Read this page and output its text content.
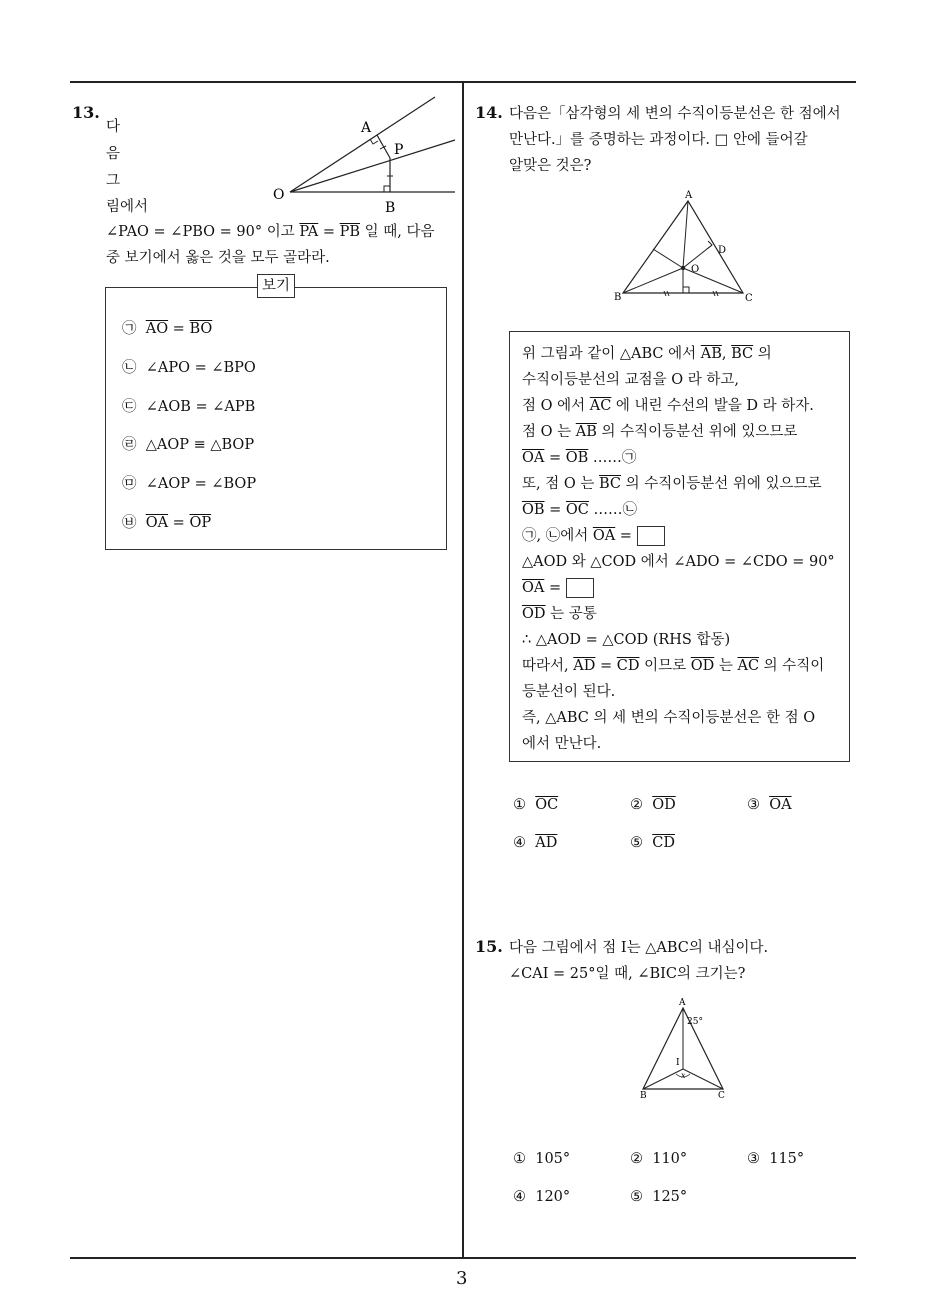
3
13.
다
음
그
림에서
∠PAO = ∠PBO = 90° 이고 $\overline{PA} = \overline{PB}$ 일 때, 다음
중 보기에서 옳은 것을 모두 골라라.
A
P
O
B
보기
㉠ $\overline{AO} = \overline{BO}$
㉡ ∠APO = ∠BPO
㉢ ∠AOB = ∠APB
㉣ △AOP ≡ △BOP
㉤ ∠AOP = ∠BOP
㉥ $\overline{OA} = \overline{OP}$
14. 다음은「삼각형의 세 변의 수직이등분선은 한 점에서
만난다.」를 증명하는 과정이다. □ 안에 들어갈
알맞은 것은?
A
B	C
D
O
위 그림과 같이 △ABC 에서 $\overline{AB}$, $\overline{BC}$ 의
수직이등분선의 교점을 O 라 하고,
점 O 에서 $\overline{AC}$ 에 내린 수선의 발을 D 라 하자.
점 O 는 $\overline{AB}$ 의 수직이등분선 위에 있으므로
$\overline{OA} = \overline{OB}$ ……㉠
또, 점 O 는 $\overline{BC}$ 의 수직이등분선 위에 있으므로
$\overline{OB} = \overline{OC}$ ……㉡
㉠, ㉡에서 $\overline{OA}$ =
△AOD 와 △COD 에서 ∠ADO = ∠CDO = 90°
$\overline{OA}$ =
$\overline{OD}$ 는 공통
∴ △AOD = △COD (RHS 합동)
따라서, $\overline{AD} = \overline{CD}$ 이므로 $\overline{OD}$ 는 $\overline{AC}$ 의 수직이
등분선이 된다.
즉, △ABC 의 세 변의 수직이등분선은 한 점 O
에서 만난다.
① $\overline{OC}$	② $\overline{OD}$	③ $\overline{OA}$
④ $\overline{AD}$	⑤ $\overline{CD}$
15. 다음 그림에서 점 I는 △ABC의 내심이다.
∠CAI = 25°일 때, ∠BIC의 크기는?
A
25°
I
x
B	C
① 105°	② 110°	③ 115°
④ 120°	⑤ 125°
